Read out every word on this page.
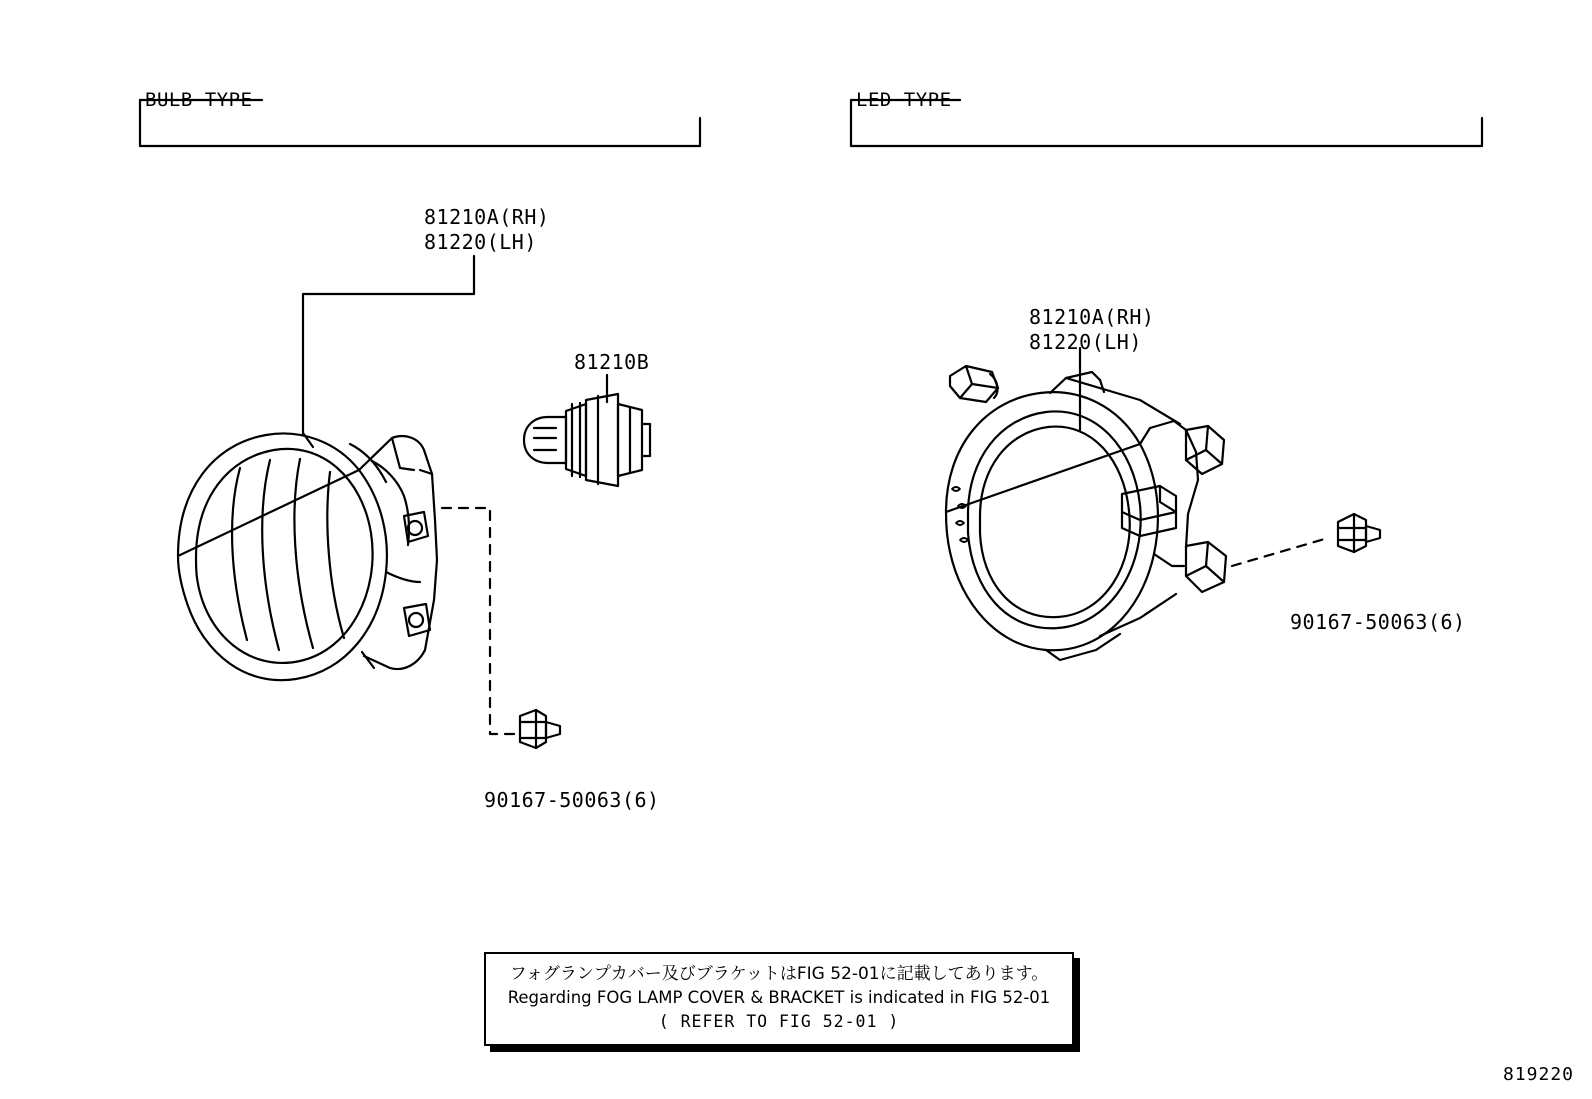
BULB TYPE	LED TYPE
81210A(RH)
81220(LH)
81210B
90167-50063(6)
81210A(RH)
81220(LH)
90167-50063(6)
フォグランプカバー及びブラケットはFIG 52-01に記載してあります。
Regarding FOG LAMP COVER & BRACKET is indicated in FIG 52-01
( REFER TO FIG 52-01 )
819220
